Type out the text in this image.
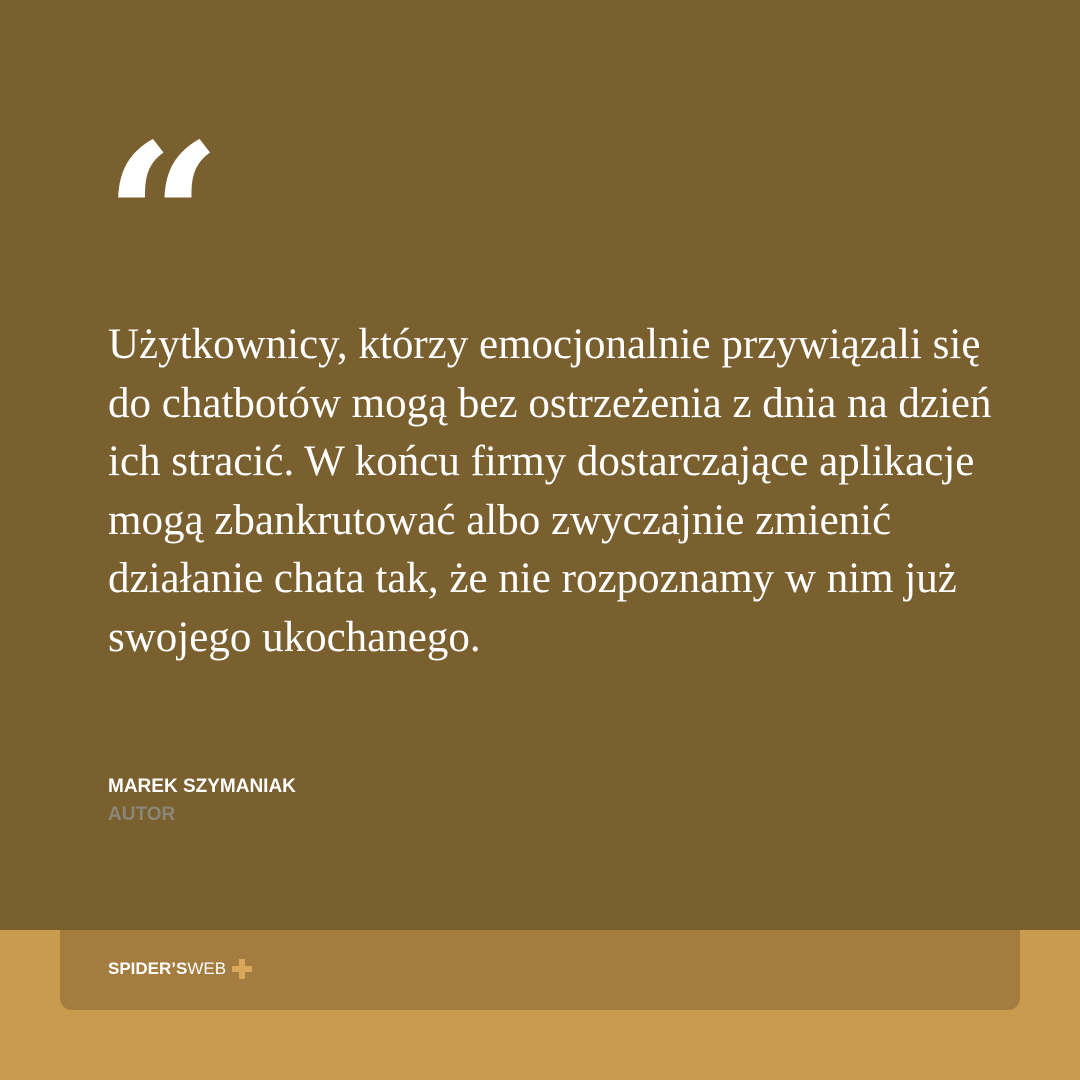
“

Użytkownicy, którzy emocjonalnie przywiązali się do chatbotów mogą bez ostrzeżenia z dnia na dzień ich stracić. W końcu firmy dostarczające aplikacje mogą zbankrutować albo zwyczajnie zmienić działanie chata tak, że nie rozpoznamy w nim już swojego ukochanego.

MAREK SZYMANIAK
AUTOR
SPIDER’S WEB
